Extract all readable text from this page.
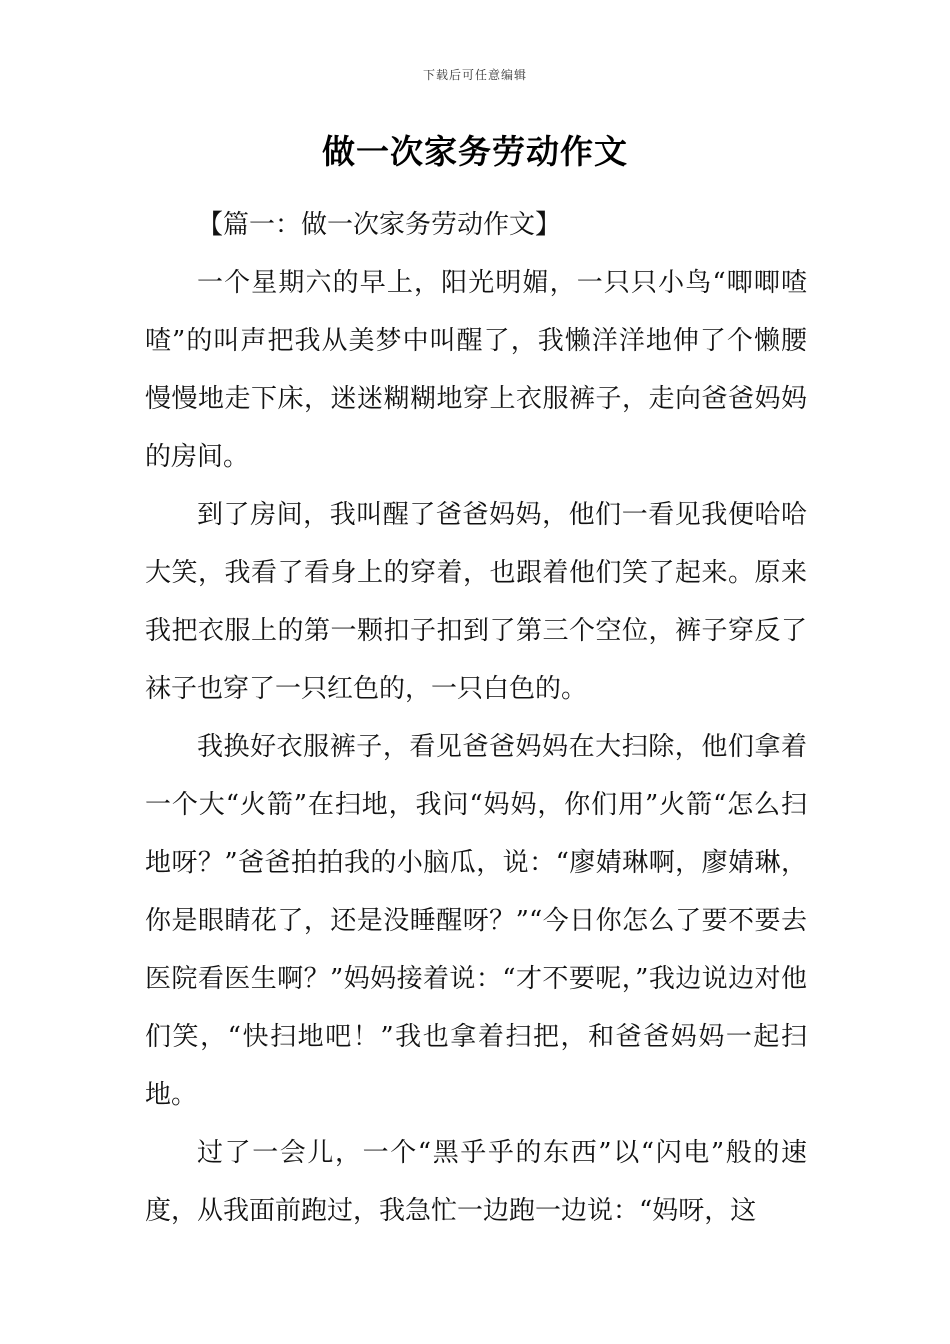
下载后可任意编辑
做一次家务劳动作文

【篇一：做一次家务劳动作文】

一个星期六的早上，阳光明媚，一只只小鸟“唧唧喳喳”的叫声把我从美梦中叫醒了，我懒洋洋地伸了个懒腰慢慢地走下床，迷迷糊糊地穿上衣服裤子，走向爸爸妈妈的房间。

到了房间，我叫醒了爸爸妈妈，他们一看见我便哈哈大笑，我看了看身上的穿着，也跟着他们笑了起来。原来我把衣服上的第一颗扣子扣到了第三个空位，裤子穿反了袜子也穿了一只红色的，一只白色的。

我换好衣服裤子，看见爸爸妈妈在大扫除，他们拿着一个大“火箭”在扫地，我问“妈妈，你们用”火箭“怎么扫地呀？”爸爸拍拍我的小脑瓜，说：“廖婧琳啊，廖婧琳，你是眼睛花了，还是没睡醒呀？”“今日你怎么了要不要去医院看医生啊？”妈妈接着说：“才不要呢，”我边说边对他们笑，“快扫地吧！”我也拿着扫把，和爸爸妈妈一起扫地。

过了一会儿，一个“黑乎乎的东西”以“闪电”般的速度，从我面前跑过，我急忙一边跑一边说：“妈呀，这
